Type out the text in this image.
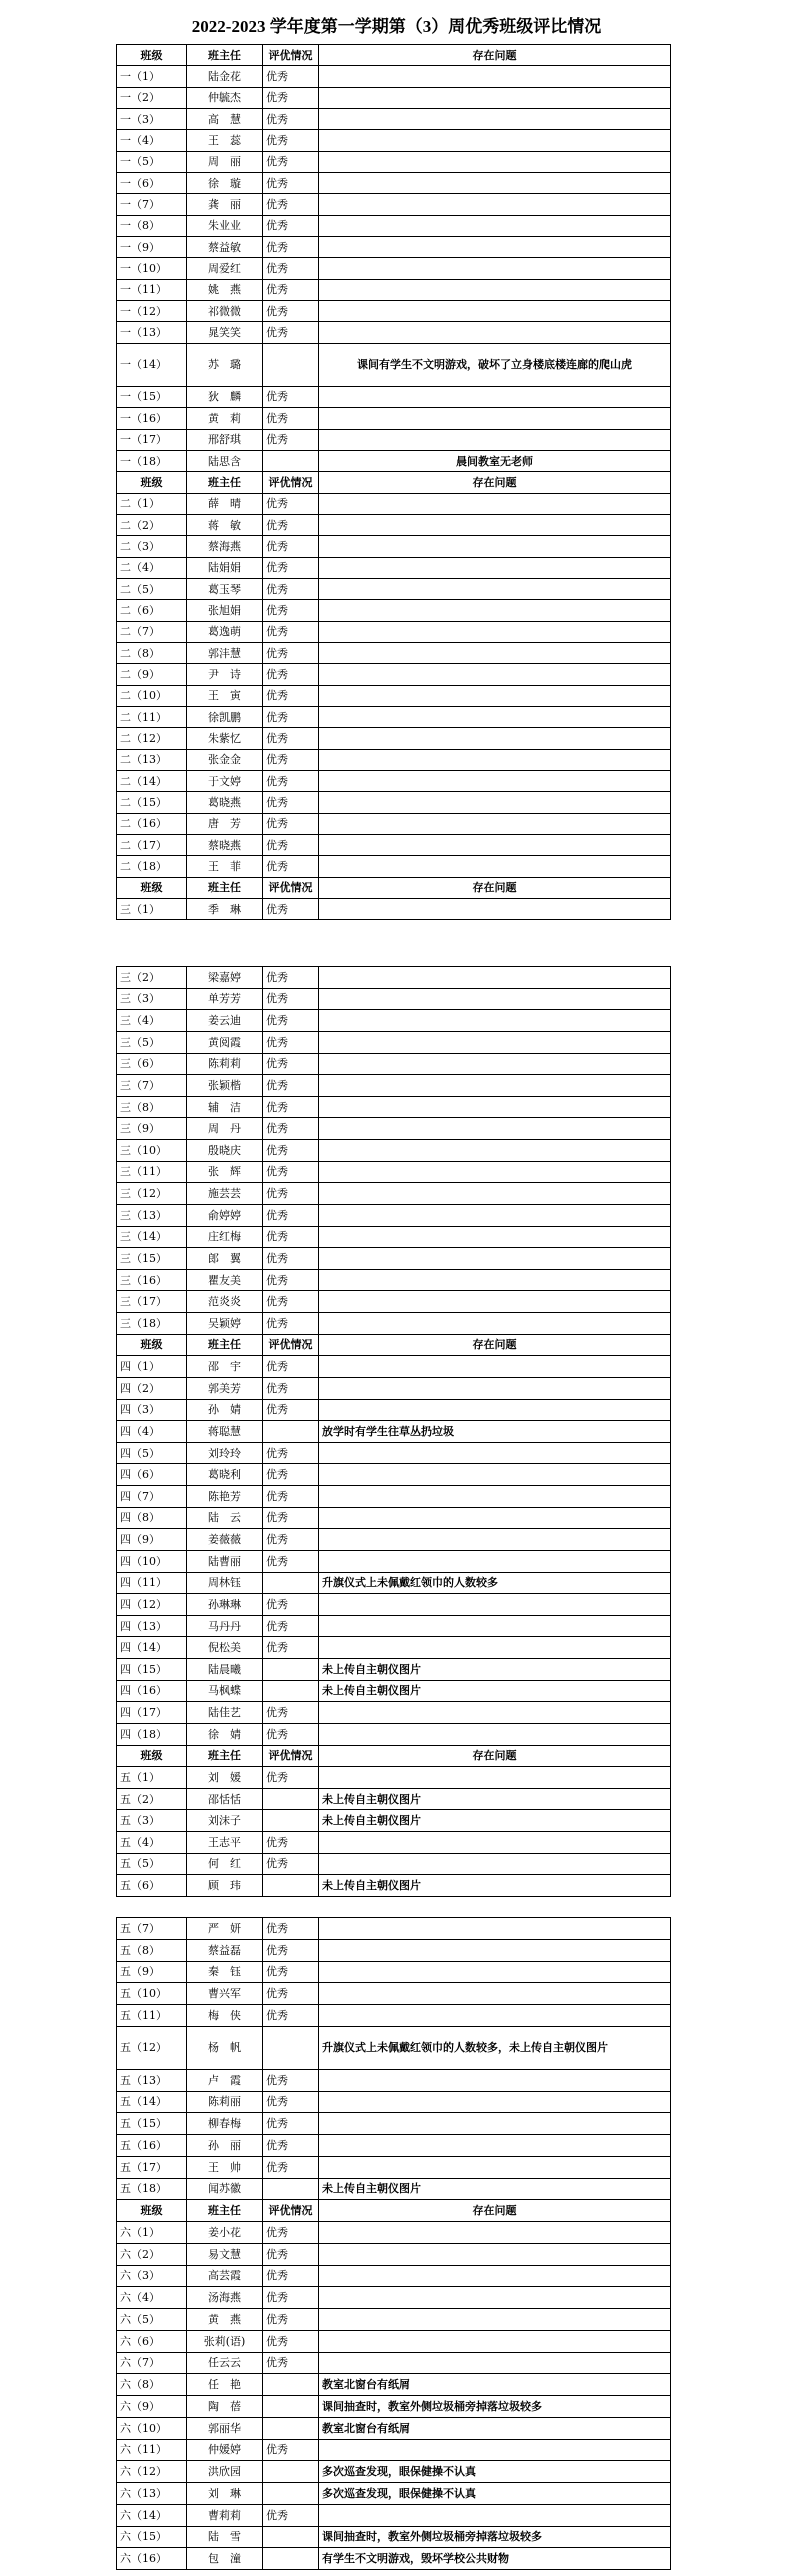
2022-2023 学年度第一学期第（3）周优秀班级评比情况
班级	班主任	评优情况	存在问题
一（1）	陆金花	优秀	
一（2）	仲毓杰	优秀	
一（3）	高　慧	优秀	
一（4）	王　蕊	优秀	
一（5）	周　丽	优秀	
一（6）	徐　璇	优秀	
一（7）	龚　丽	优秀	
一（8）	朱业业	优秀	
一（9）	蔡益敏	优秀	
一（10）	周爱红	优秀	
一（11）	姚　燕	优秀	
一（12）	祁微微	优秀	
一（13）	晁笑笑	优秀	
一（14）	苏　璐		课间有学生不文明游戏，破坏了立身楼底楼连廊的爬山虎
一（15）	狄　麟	优秀	
一（16）	黄　莉	优秀	
一（17）	邢舒琪	优秀	
一（18）	陆思含		晨间教室无老师
班级	班主任	评优情况	存在问题
二（1）	薛　晴	优秀	
二（2）	蒋　敏	优秀	
二（3）	蔡海燕	优秀	
二（4）	陆娟娟	优秀	
二（5）	葛玉琴	优秀	
二（6）	张旭娟	优秀	
二（7）	葛逸萌	优秀	
二（8）	郭沣慧	优秀	
二（9）	尹　诗	优秀	
二（10）	王　寅	优秀	
二（11）	徐凯鹏	优秀	
二（12）	朱紫忆	优秀	
二（13）	张金金	优秀	
二（14）	于文婷	优秀	
二（15）	葛晓燕	优秀	
二（16）	唐　芳	优秀	
二（17）	蔡晓燕	优秀	
二（18）	王　菲	优秀	
班级	班主任	评优情况	存在问题
三（1）	季　琳	优秀	
三（2）	梁嘉婷	优秀	
三（3）	单芳芳	优秀	
三（4）	姜云迪	优秀	
三（5）	黄阅霞	优秀	
三（6）	陈莉莉	优秀	
三（7）	张颖楷	优秀	
三（8）	辅　洁	优秀	
三（9）	周　丹	优秀	
三（10）	殷晓庆	优秀	
三（11）	张　辉	优秀	
三（12）	施芸芸	优秀	
三（13）	俞婷婷	优秀	
三（14）	庄红梅	优秀	
三（15）	郎　翼	优秀	
三（16）	瞿友美	优秀	
三（17）	范炎炎	优秀	
三（18）	吴颖婷	优秀	
班级	班主任	评优情况	存在问题
四（1）	邵　宇	优秀	
四（2）	郭美芳	优秀	
四（3）	孙　婧	优秀	
四（4）	蒋聪慧		放学时有学生往草丛扔垃圾
四（5）	刘玲玲	优秀	
四（6）	葛晓利	优秀	
四（7）	陈艳芳	优秀	
四（8）	陆　云	优秀	
四（9）	姜薇薇	优秀	
四（10）	陆曹丽	优秀	
四（11）	周林钰		升旗仪式上未佩戴红领巾的人数较多
四（12）	孙琳琳	优秀	
四（13）	马丹丹	优秀	
四（14）	倪松美	优秀	
四（15）	陆晨曦		未上传自主朝仪图片
四（16）	马枫蝶		未上传自主朝仪图片
四（17）	陆佳艺	优秀	
四（18）	徐　婧	优秀	
班级	班主任	评优情况	存在问题
五（1）	刘　媛	优秀	
五（2）	邵恬恬		未上传自主朝仪图片
五（3）	刘沫子		未上传自主朝仪图片
五（4）	王志平	优秀	
五（5）	何　红	优秀	
五（6）	顾　玮		未上传自主朝仪图片
五（7）	严　妍	优秀	
五（8）	蔡益磊	优秀	
五（9）	秦　钰	优秀	
五（10）	曹兴军	优秀	
五（11）	梅　侠	优秀	
五（12）	杨　帆		升旗仪式上未佩戴红领巾的人数较多，未上传自主朝仪图片
五（13）	卢　霞	优秀	
五（14）	陈莉丽	优秀	
五（15）	柳春梅	优秀	
五（16）	孙　丽	优秀	
五（17）	王　帅	优秀	
五（18）	闻苏徽		未上传自主朝仪图片
班级	班主任	评优情况	存在问题
六（1）	姜小花	优秀	
六（2）	易文慧	优秀	
六（3）	高芸霞	优秀	
六（4）	汤海燕	优秀	
六（5）	黄　燕	优秀	
六（6）	张莉(语)	优秀	
六（7）	任云云	优秀	
六（8）	任　艳		教室北窗台有纸屑
六（9）	陶　蓓		课间抽查时，教室外侧垃圾桶旁掉落垃圾较多
六（10）	郭丽华		教室北窗台有纸屑
六（11）	仲媛婷	优秀	
六（12）	洪欣园		多次巡查发现，眼保健操不认真
六（13）	刘　琳		多次巡查发现，眼保健操不认真
六（14）	曹莉莉	优秀	
六（15）	陆　雪		课间抽查时，教室外侧垃圾桶旁掉落垃圾较多
六（16）	包　潼		有学生不文明游戏，毁坏学校公共财物
